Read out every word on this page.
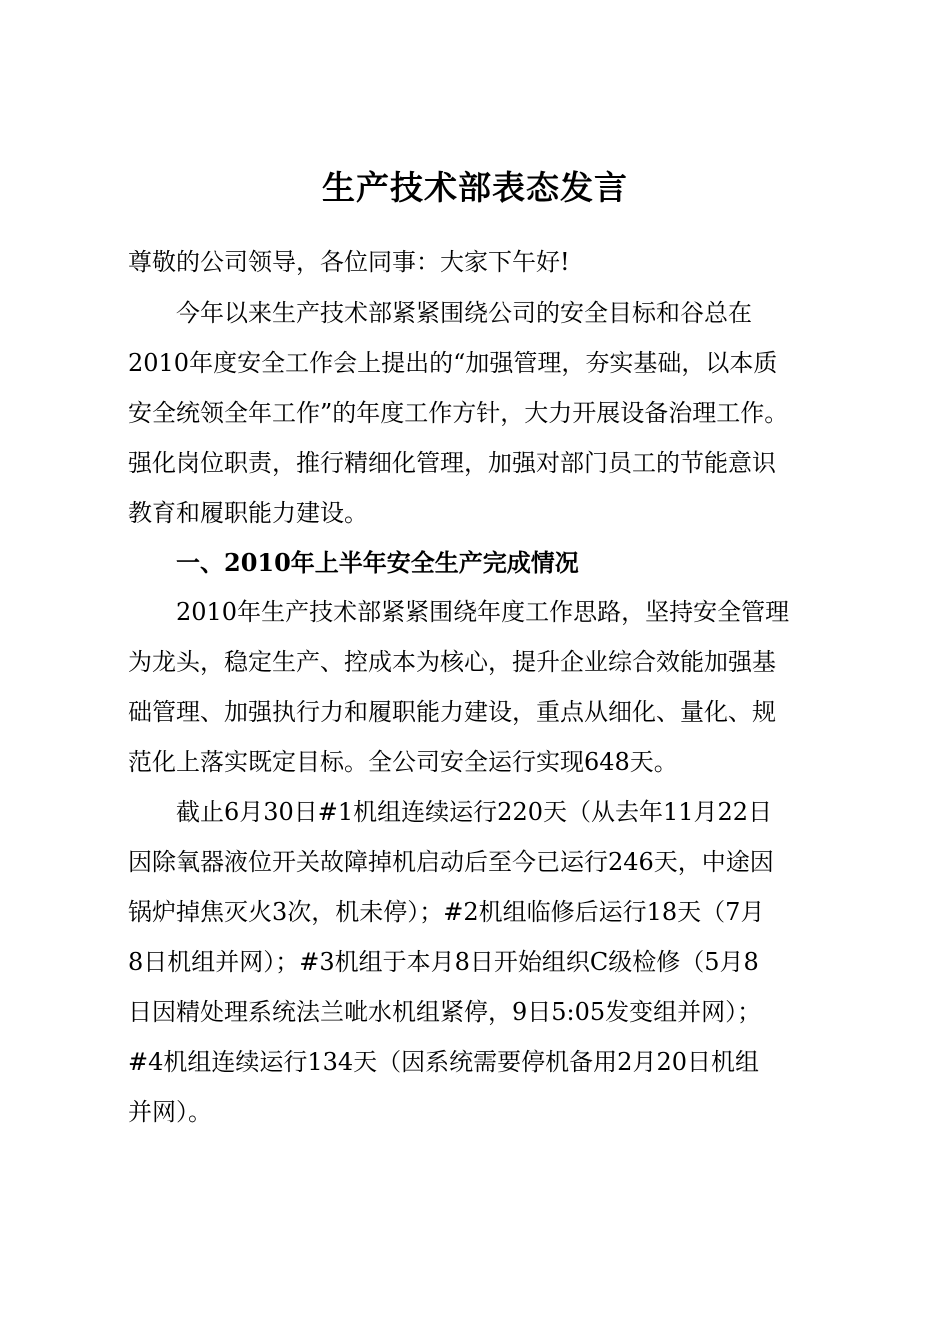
生产技术部表态发言

尊敬的公司领导，各位同事：大家下午好!

今年以来生产技术部紧紧围绕公司的安全目标和谷总在

2010年度安全工作会上提出的“加强管理，夯实基础，以本质

安全统领全年工作”的年度工作方针，大力开展设备治理工作。

强化岗位职责，推行精细化管理，加强对部门员工的节能意识

教育和履职能力建设。

一、2010年上半年安全生产完成情况

2010年生产技术部紧紧围绕年度工作思路，坚持安全管理

为龙头，稳定生产、控成本为核心，提升企业综合效能加强基

础管理、加强执行力和履职能力建设，重点从细化、量化、规

范化上落实既定目标。全公司安全运行实现648天。

截止6月30日#1机组连续运行220天（从去年11月22日

因除氧器液位开关故障掉机启动后至今已运行246天，中途因

锅炉掉焦灭火3次，机未停）；#2机组临修后运行18天（7月

8日机组并网）；#3机组于本月8日开始组织C级检修（5月8

日因精处理系统法兰呲水机组紧停，9日5:05发变组并网）；

#4机组连续运行134天（因系统需要停机备用2月20日机组

并网）。
